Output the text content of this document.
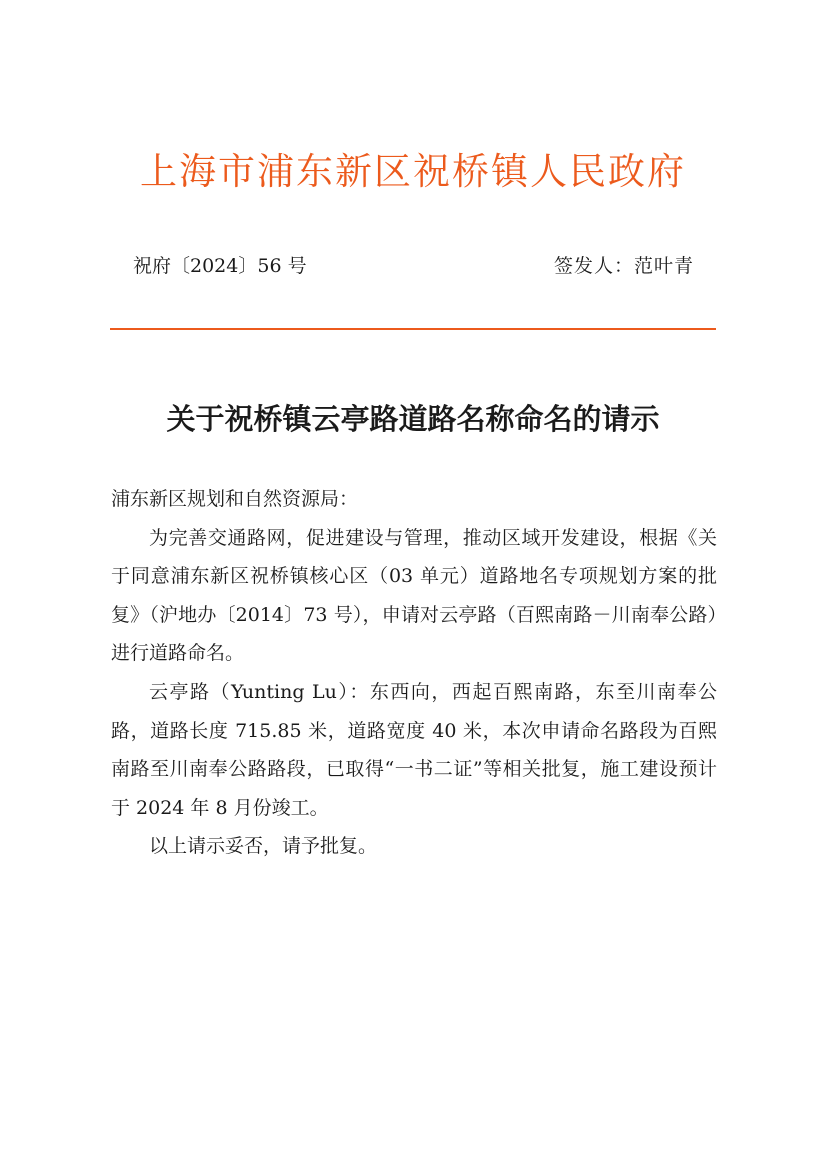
上海市浦东新区祝桥镇人民政府
祝府〔2024〕56 号	签发人：范叶青
关于祝桥镇云亭路道路名称命名的请示

浦东新区规划和自然资源局：

为完善交通路网，促进建设与管理，推动区域开发建设，根据《关于同意浦东新区祝桥镇核心区（03 单元）道路地名专项规划方案的批复》（沪地办〔2014〕73 号），申请对云亭路（百熙南路－川南奉公路）进行道路命名。

云亭路（Yunting Lu）：东西向，西起百熙南路，东至川南奉公路，道路长度 715.85 米，道路宽度 40 米，本次申请命名路段为百熙南路至川南奉公路路段，已取得“一书二证”等相关批复，施工建设预计于 2024 年 8 月份竣工。

以上请示妥否，请予批复。
